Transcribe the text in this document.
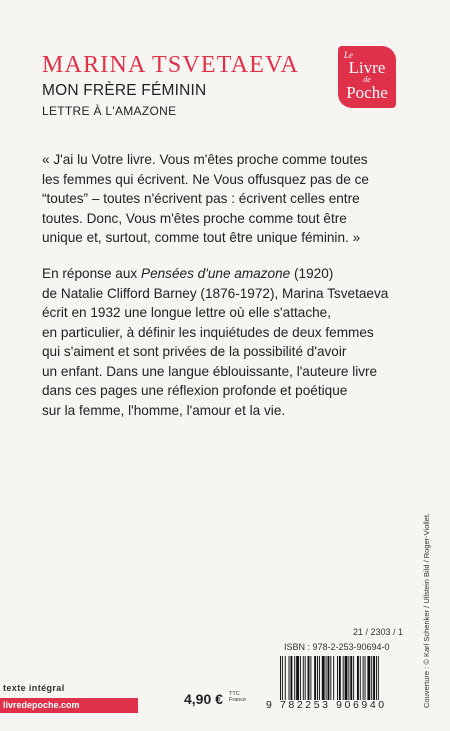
MARINA TSVETAEVA
MON FRÈRE FÉMININ
LETTRE À L'AMAZONE
Le
Livre
de
Poche
« J'ai lu Votre livre. Vous m'êtes proche comme toutes
les femmes qui écrivent. Ne Vous offusquez pas de ce
“toutes” – toutes n'écrivent pas : écrivent celles entre
toutes. Donc, Vous m'êtes proche comme tout être
unique et, surtout, comme tout être unique féminin. »
En réponse aux Pensées d'une amazone (1920)
de Natalie Clifford Barney (1876-1972), Marina Tsvetaeva
écrit en 1932 une longue lettre où elle s'attache,
en particulier, à définir les inquiétudes de deux femmes
qui s'aiment et sont privées de la possibilité d'avoir
un enfant. Dans une langue éblouissante, l'auteure livre
dans ces pages une réflexion profonde et poétique
sur la femme, l'homme, l'amour et la vie.
Couverture : © Karl Schenker / Ullstein Bild / Roger-Viollet.
21 / 2303 / 1
ISBN : 978-2-253-90694-0
9 782253 906940
texte intégral
livredepoche.com	4,90 € TTC
France
